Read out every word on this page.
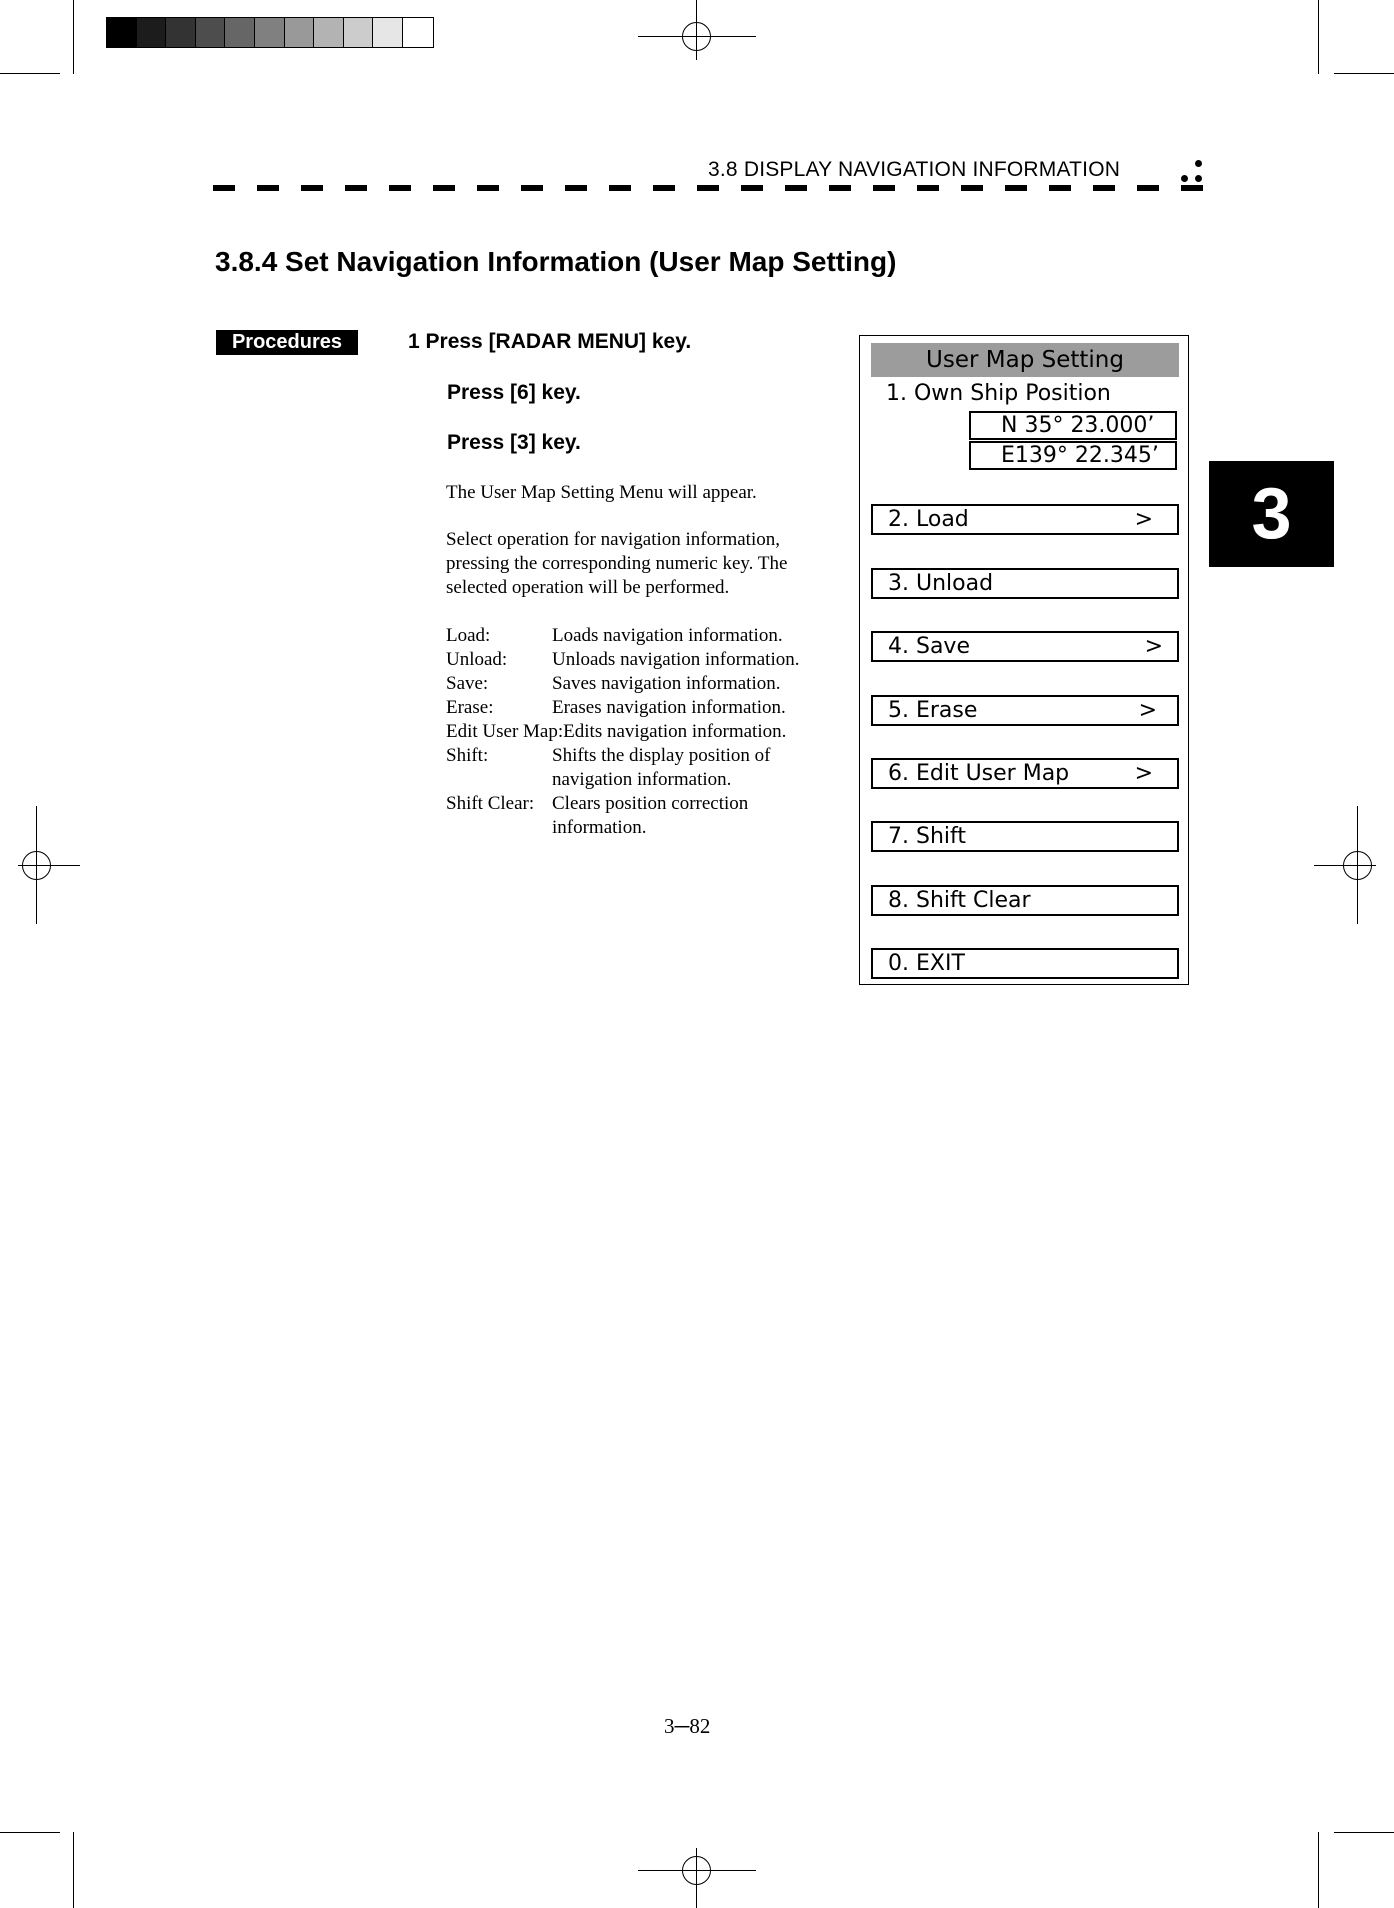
3.8 DISPLAY NAVIGATION INFORMATION
3.8.4 Set Navigation Information (User Map Setting)
Procedures	1 Press [RADAR MENU] key.
Press [6] key.
Press [3] key.
The User Map Setting Menu will appear.
Select operation for navigation information,
pressing the corresponding numeric key. The
selected operation will be performed.
Load:	Loads navigation information.
Unload: Unloads navigation information.
Save:	Saves navigation information.
Erase:	Erases navigation information.
Edit User Map:Edits navigation information.
Shift:	Shifts the display position of
navigation information.
Shift Clear: Clears position correction
information.
3
User Map Setting
1. Own Ship Position
N 35° 23.000’
E139° 22.345’
2. Load	>
3. Unload
4. Save	>
5. Erase	>
6. Edit User Map	>
7. Shift
8. Shift Clear
0. EXIT
3─82
